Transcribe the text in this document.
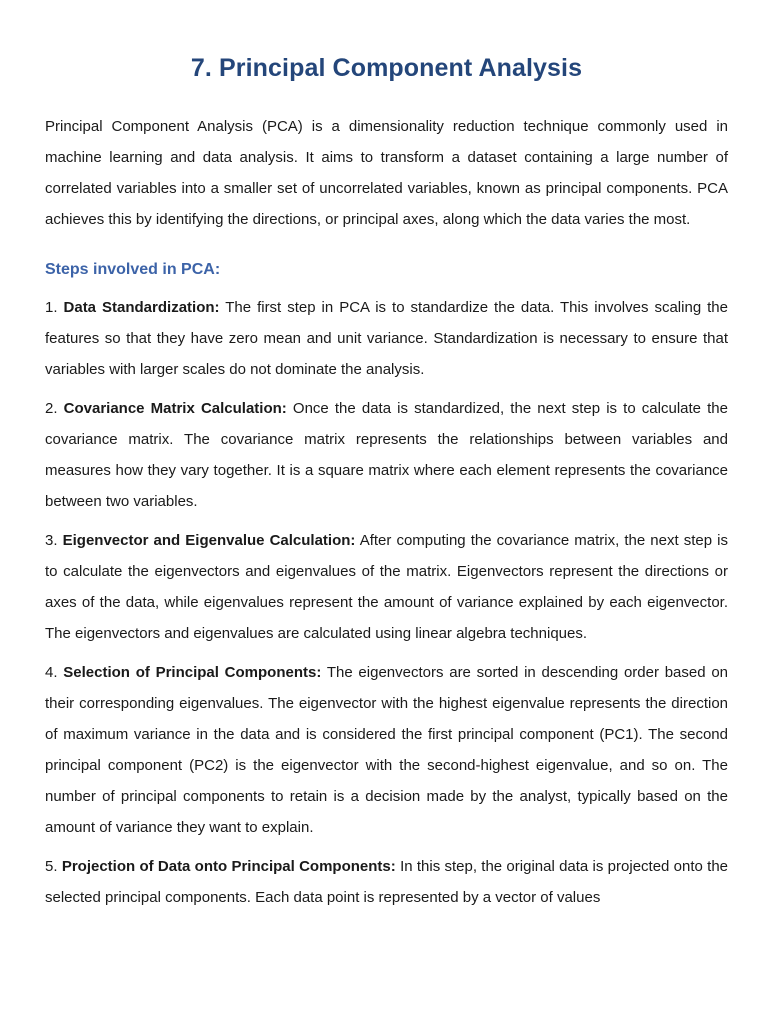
7. Principal Component Analysis

Principal Component Analysis (PCA) is a dimensionality reduction technique commonly used in machine learning and data analysis. It aims to transform a dataset containing a large number of correlated variables into a smaller set of uncorrelated variables, known as principal components. PCA achieves this by identifying the directions, or principal axes, along which the data varies the most.

Steps involved in PCA:

1. Data Standardization: The first step in PCA is to standardize the data. This involves scaling the features so that they have zero mean and unit variance. Standardization is necessary to ensure that variables with larger scales do not dominate the analysis.

2. Covariance Matrix Calculation: Once the data is standardized, the next step is to calculate the covariance matrix. The covariance matrix represents the relationships between variables and measures how they vary together. It is a square matrix where each element represents the covariance between two variables.

3. Eigenvector and Eigenvalue Calculation: After computing the covariance matrix, the next step is to calculate the eigenvectors and eigenvalues of the matrix. Eigenvectors represent the directions or axes of the data, while eigenvalues represent the amount of variance explained by each eigenvector. The eigenvectors and eigenvalues are calculated using linear algebra techniques.

4. Selection of Principal Components: The eigenvectors are sorted in descending order based on their corresponding eigenvalues. The eigenvector with the highest eigenvalue represents the direction of maximum variance in the data and is considered the first principal component (PC1). The second principal component (PC2) is the eigenvector with the second-highest eigenvalue, and so on. The number of principal components to retain is a decision made by the analyst, typically based on the amount of variance they want to explain.

5. Projection of Data onto Principal Components: In this step, the original data is projected onto the selected principal components. Each data point is represented by a vector of values
